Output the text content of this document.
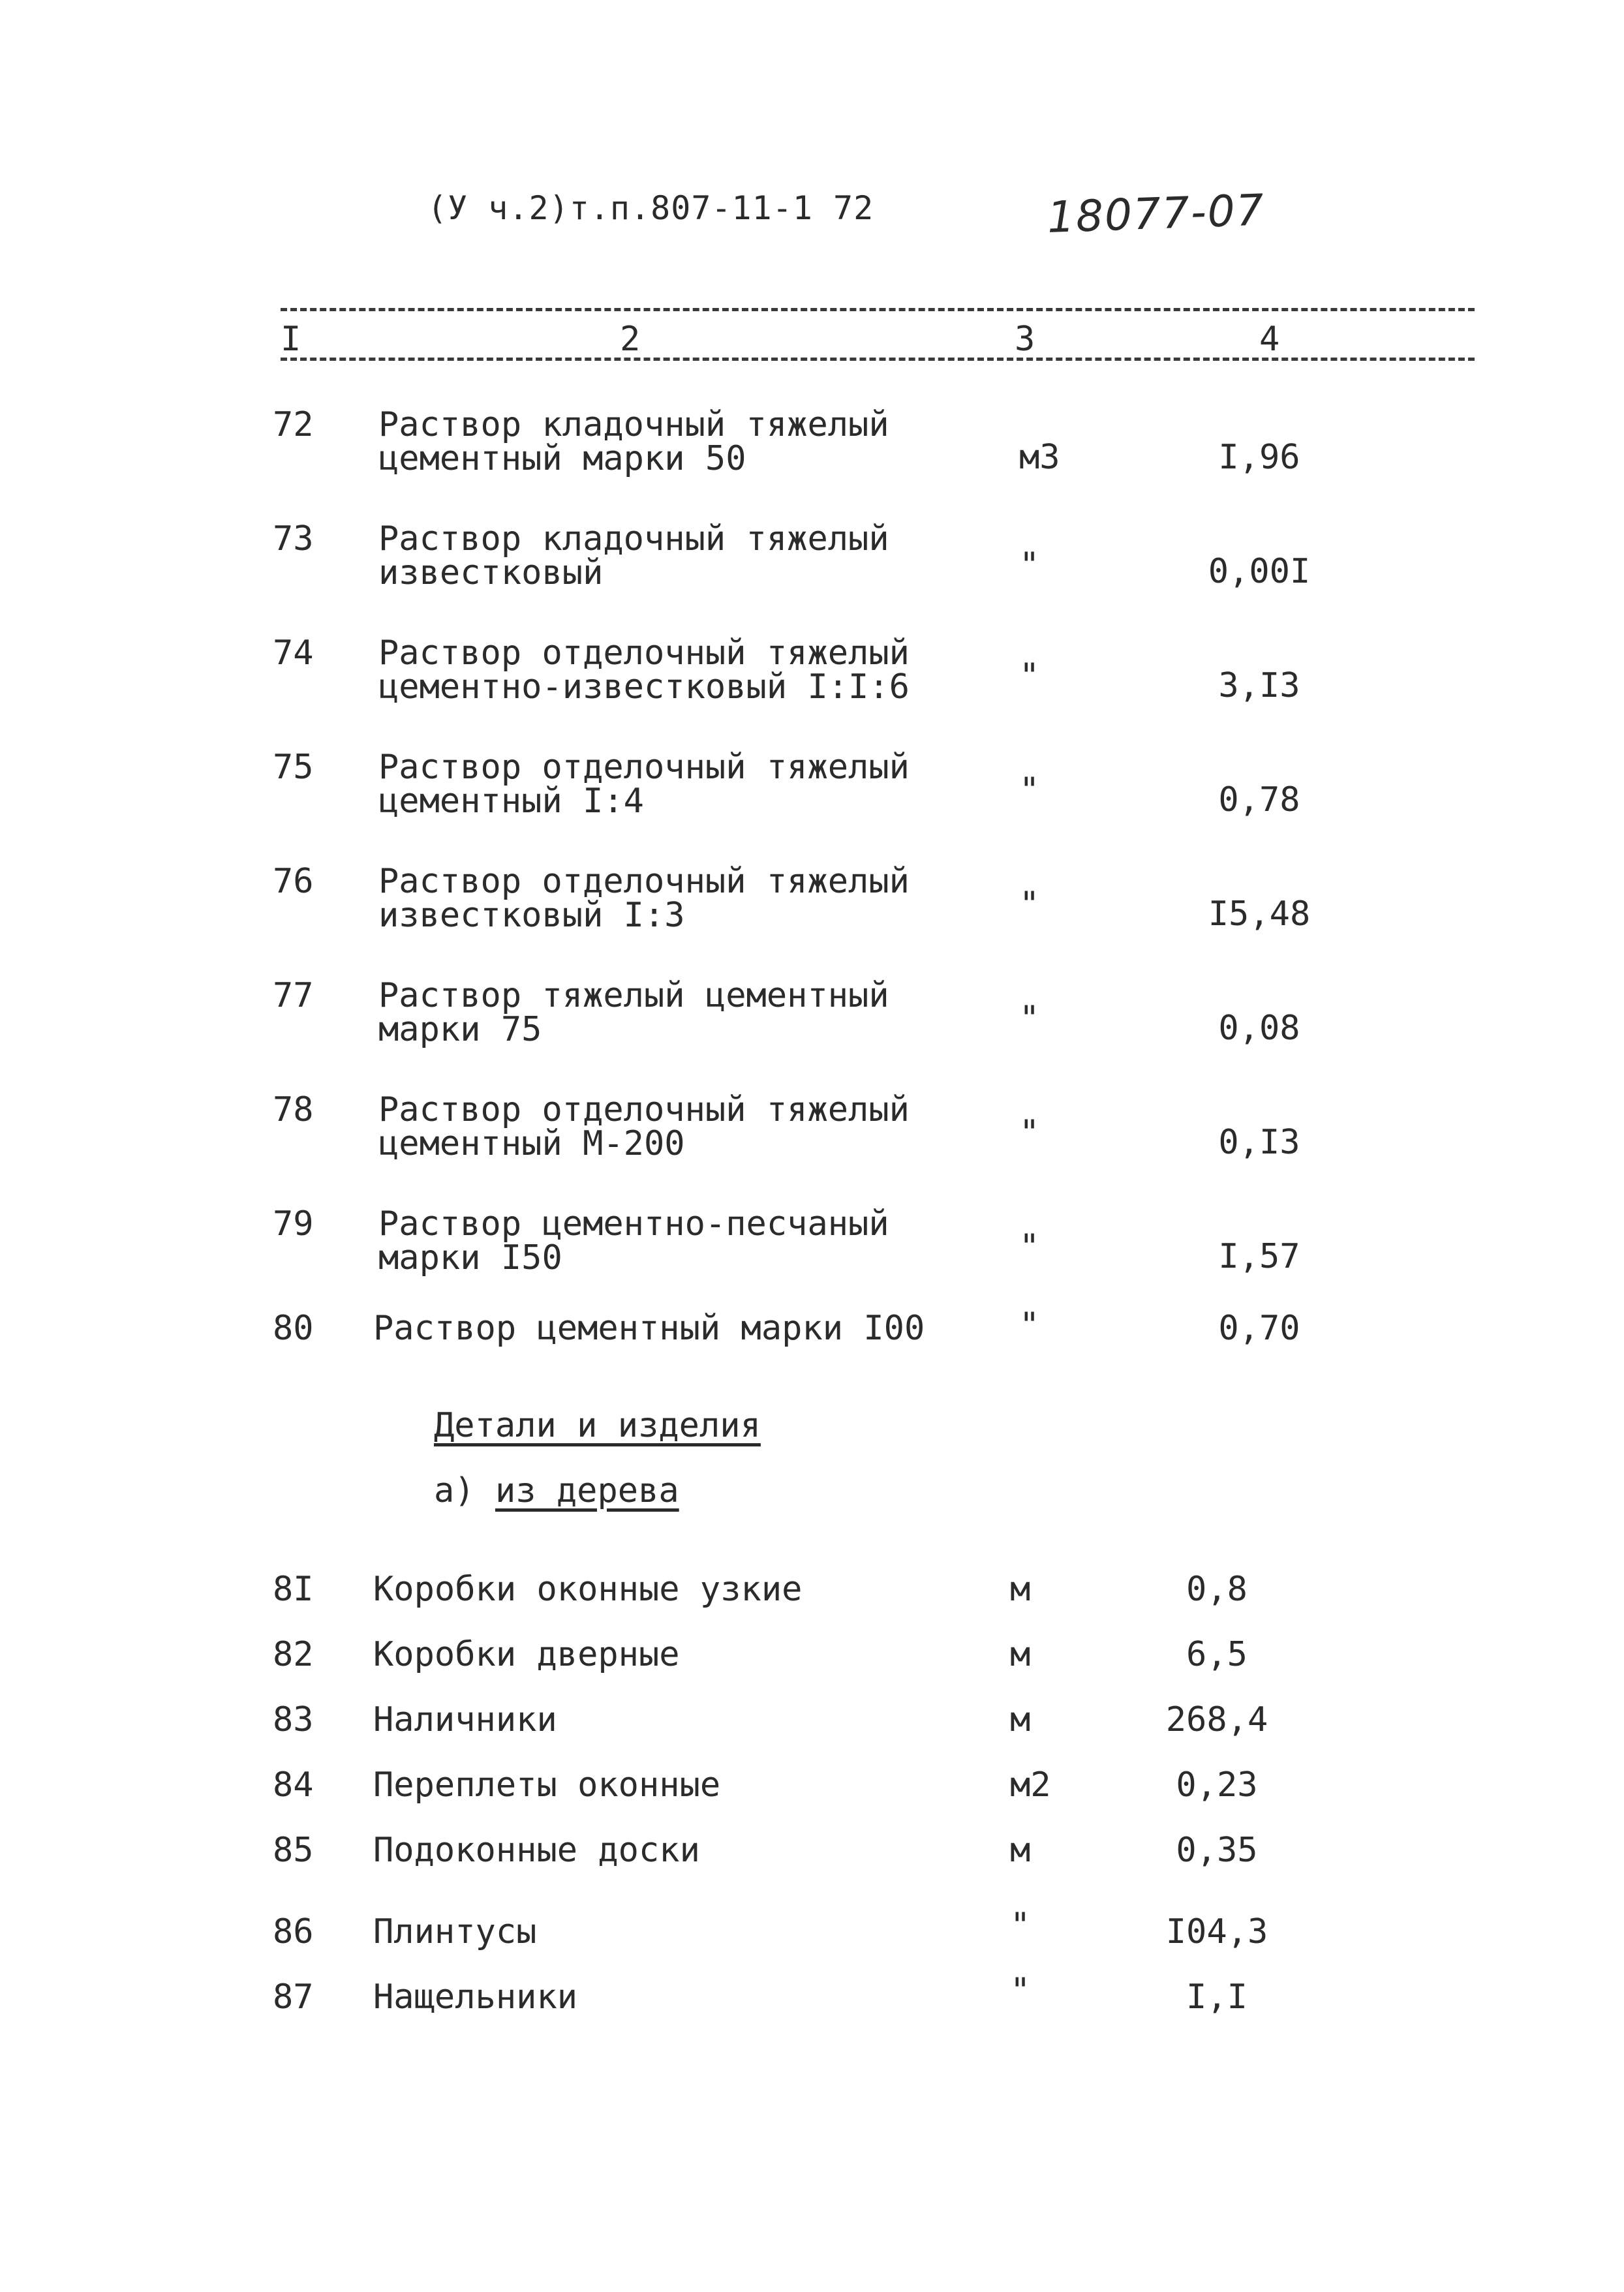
(У ч.2)т.п.807-11-1 72	18077-07
I	2	3	4
72 Раствор кладочный тяжелый
цементный марки 50	м3	I,96
73 Раствор кладочный тяжелый
известковый	"	0,00I
74 Раствор отделочный тяжелый
цементно-известковый I:I:6	"	3,I3
75 Раствор отделочный тяжелый
цементный I:4	"	0,78
76 Раствор отделочный тяжелый
известковый I:3	"	I5,48
77 Раствор тяжелый цементный
марки 75	"	0,08
78 Раствор отделочный тяжелый
цементный М-200	"	0,I3
79 Раствор цементно-песчаный
марки I50	"	I,57
80 Раствор цементный марки I00	"	0,70
Детали и изделия
а) из дерева
8I Коробки оконные узкие	м	0,8
82 Коробки дверные	м	6,5
83 Наличники	м	268,4
84 Переплеты оконные	м2	0,23
85 Подоконные доски	м	0,35
86 Плинтусы	"	I04,3
87 Нащельники	"	I,I
